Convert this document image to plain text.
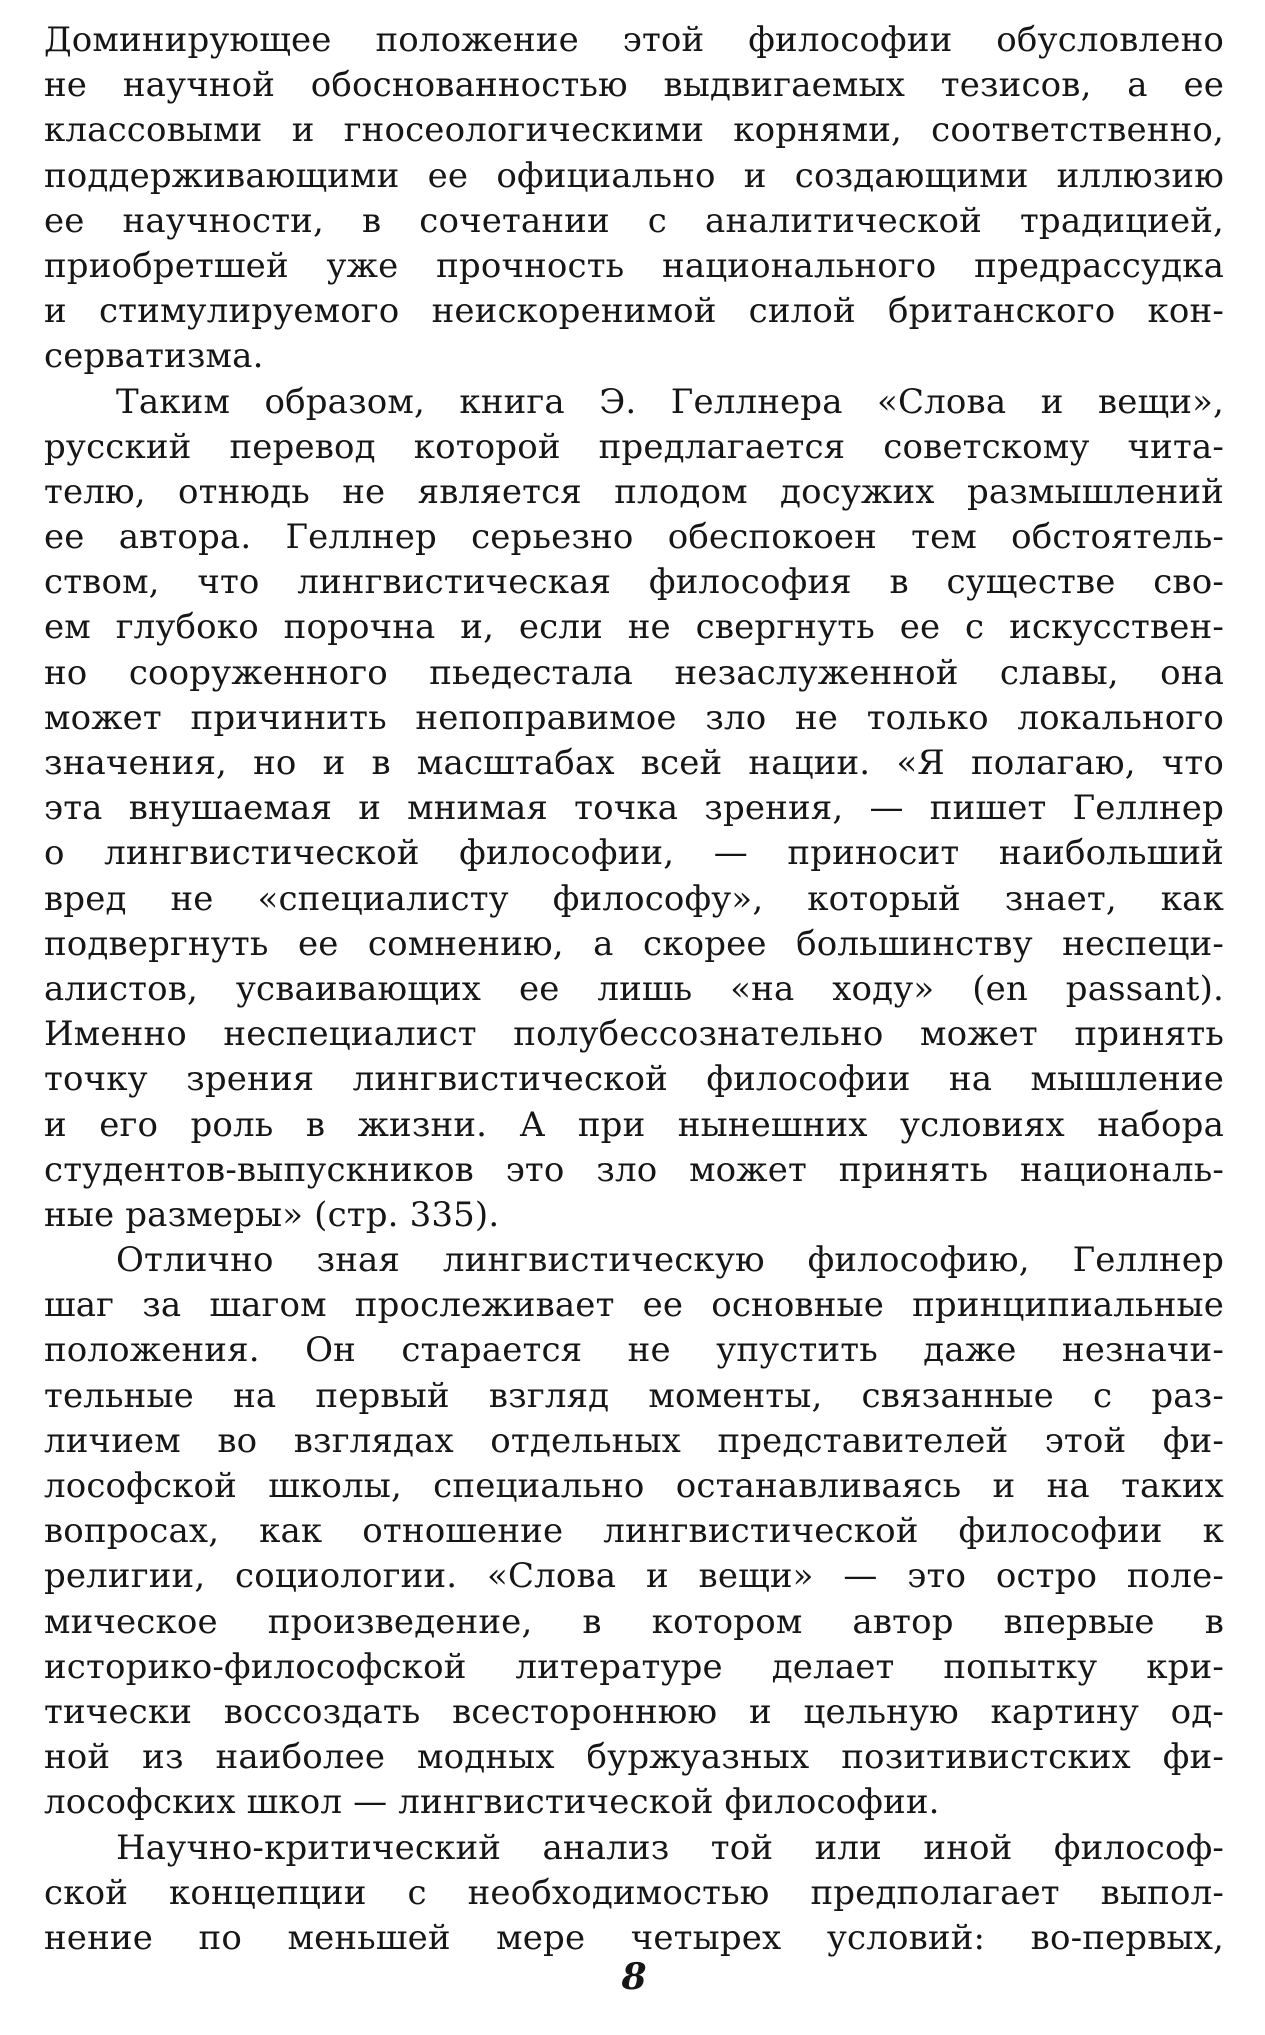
Доминирующее положение этой философии обусловлено
не научной обоснованностью выдвигаемых тезисов, а ее
классовыми и гносеологическими корнями, соответственно,
поддерживающими ее официально и создающими иллюзию
ее научности, в сочетании с аналитической традицией,
приобретшей уже прочность национального предрассудка
и стимулируемого неискоренимой силой британского кон-
серватизма.
Таким образом, книга Э. Геллнера «Слова и вещи»,
русский перевод которой предлагается советскому чита-
телю, отнюдь не является плодом досужих размышлений
ее автора. Геллнер серьезно обеспокоен тем обстоятель-
ством, что лингвистическая философия в существе сво-
ем глубоко порочна и, если не свергнуть ее с искусствен-
но сооруженного пьедестала незаслуженной славы, она
может причинить непоправимое зло не только локального
значения, но и в масштабах всей нации. «Я полагаю, что
эта внушаемая и мнимая точка зрения, — пишет Геллнер
о лингвистической философии, — приносит наибольший
вред не «специалисту философу», который знает, как
подвергнуть ее сомнению, а скорее большинству неспеци-
алистов, усваивающих ее лишь «на ходу» (en passant).
Именно неспециалист полубессознательно может принять
точку зрения лингвистической философии на мышление
и его роль в жизни. А при нынешних условиях набора
студентов-выпускников это зло может принять националь-
ные размеры» (стр. 335).
Отлично зная лингвистическую философию, Геллнер
шаг за шагом прослеживает ее основные принципиальные
положения. Он старается не упустить даже незначи-
тельные на первый взгляд моменты, связанные с раз-
личием во взглядах отдельных представителей этой фи-
лософской школы, специально останавливаясь и на таких
вопросах, как отношение лингвистической философии к
религии, социологии. «Слова и вещи» — это остро поле-
мическое произведение, в котором автор впервые в
историко-философской литературе делает попытку кри-
тически воссоздать всестороннюю и цельную картину од-
ной из наиболее модных буржуазных позитивистских фи-
лософских школ — лингвистической философии.
Научно-критический анализ той или иной философ-
ской концепции с необходимостью предполагает выпол-
нение по меньшей мере четырех условий: во-первых,
8
